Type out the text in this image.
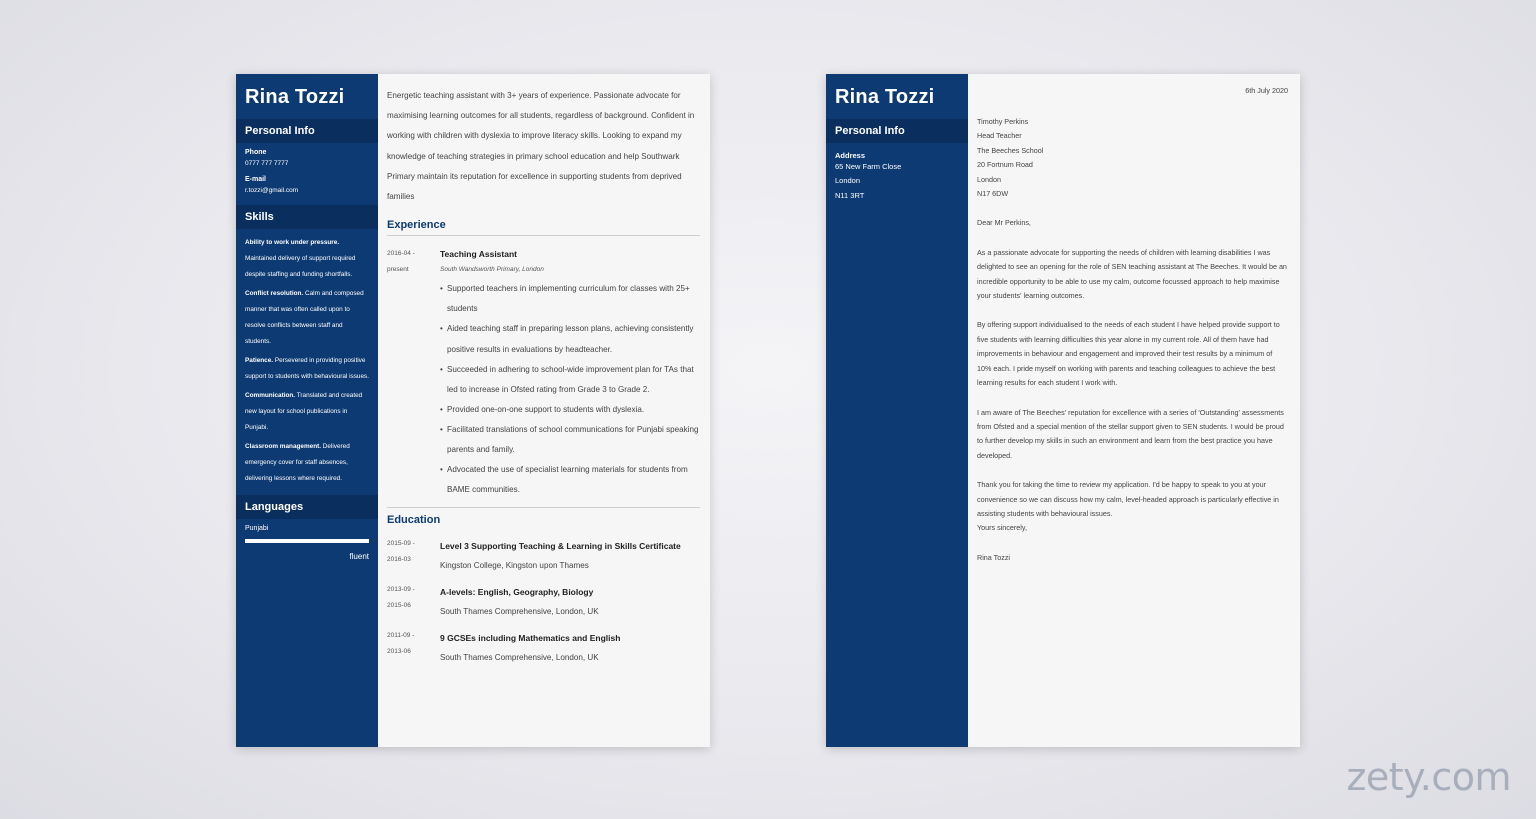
Rina Tozzi
Personal Info
Phone
0777 777 7777
E-mail
r.tozzi@gmail.com
Skills
Ability to work under pressure. Maintained delivery of support required despite staffing and funding shortfalls.
Conflict resolution. Calm and composed manner that was often called upon to resolve conflicts between staff and students.
Patience. Persevered in providing positive support to students with behavioural issues.
Communication. Translated and created new layout for school publications in Punjabi.
Classroom management. Delivered emergency cover for staff absences, delivering lessons where required.
Languages
Punjabi
fluent
Energetic teaching assistant with 3+ years of experience. Passionate advocate for maximising learning outcomes for all students, regardless of background. Confident in working with children with dyslexia to improve literacy skills. Looking to expand my knowledge of teaching strategies in primary school education and help Southwark Primary maintain its reputation for excellence in supporting students from deprived families
Experience
2016-04 -
present
Teaching Assistant
South Wandsworth Primary, London
• Supported teachers in implementing curriculum for classes with 25+ students
• Aided teaching staff in preparing lesson plans, achieving consistently positive results in evaluations by headteacher.
• Succeeded in adhering to school-wide improvement plan for TAs that led to increase in Ofsted rating from Grade 3 to Grade 2.
• Provided one-on-one support to students with dyslexia.
• Facilitated translations of school communications for Punjabi speaking parents and family.
• Advocated the use of specialist learning materials for students from BAME communities.
Education
2015-09 -
2016-03
Level 3 Supporting Teaching & Learning in Skills Certificate
Kingston College, Kingston upon Thames
2013-09 -
2015-06
A-levels: English, Geography, Biology
South Thames Comprehensive, London, UK
2011-09 -
2013-06
9 GCSEs including Mathematics and English
South Thames Comprehensive, London, UK
Rina Tozzi
Personal Info
Address
65 New Farm Close
London
N11 3RT
6th July 2020
Timothy Perkins
Head Teacher
The Beeches School
20 Fortnum Road
London
N17 6DW
Dear Mr Perkins,
As a passionate advocate for supporting the needs of children with learning disabilities I was delighted to see an opening for the role of SEN teaching assistant at The Beeches. It would be an incredible opportunity to be able to use my calm, outcome focussed approach to help maximise your students' learning outcomes.
By offering support individualised to the needs of each student I have helped provide support to five students with learning difficulties this year alone in my current role. All of them have had improvements in behaviour and engagement and improved their test results by a minimum of 10% each. I pride myself on working with parents and teaching colleagues to achieve the best learning results for each student I work with.
I am aware of The Beeches' reputation for excellence with a series of 'Outstanding' assessments from Ofsted and a special mention of the stellar support given to SEN students. I would be proud to further develop my skills in such an environment and learn from the best practice you have developed.
Thank you for taking the time to review my application. I'd be happy to speak to you at your convenience so we can discuss how my calm, level-headed approach is particularly effective in assisting students with behavioural issues.
Yours sincerely,
Rina Tozzi
zety.com
